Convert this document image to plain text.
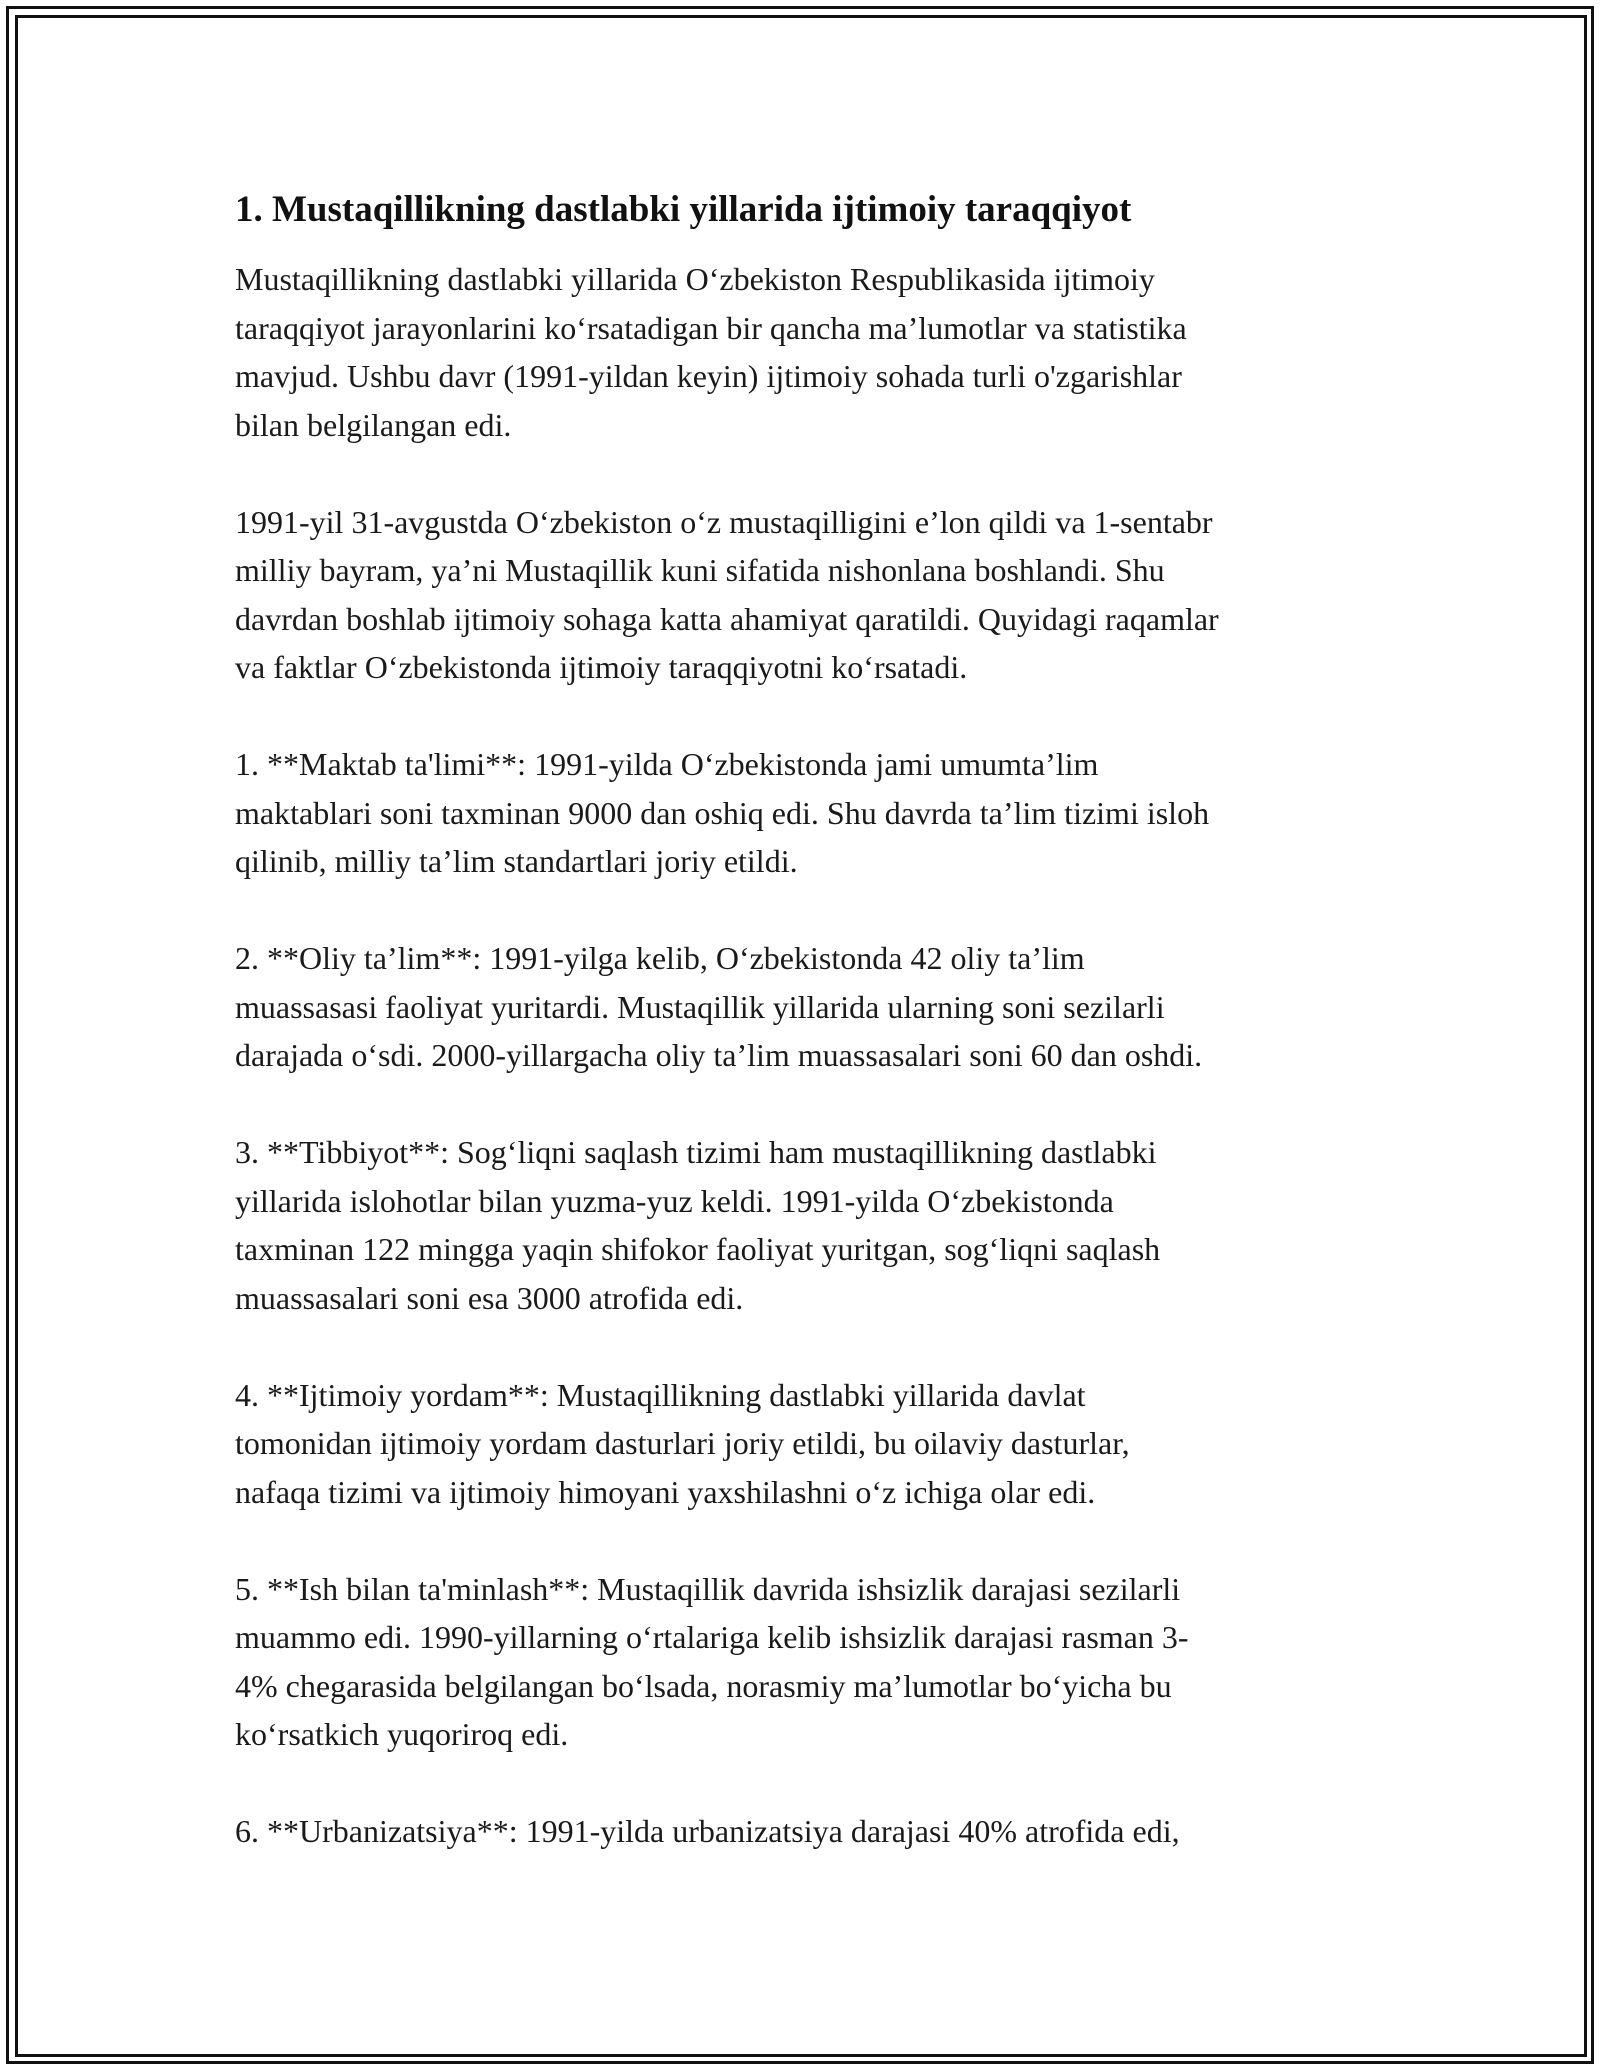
1. Mustaqillikning dastlabki yillarida ijtimoiy taraqqiyot

Mustaqillikning dastlabki yillarida O‘zbekiston Respublikasida ijtimoiy
taraqqiyot jarayonlarini ko‘rsatadigan bir qancha ma’lumotlar va statistika
mavjud. Ushbu davr (1991-yildan keyin) ijtimoiy sohada turli o'zgarishlar
bilan belgilangan edi.

1991-yil 31-avgustda O‘zbekiston o‘z mustaqilligini e’lon qildi va 1-sentabr
milliy bayram, ya’ni Mustaqillik kuni sifatida nishonlana boshlandi. Shu
davrdan boshlab ijtimoiy sohaga katta ahamiyat qaratildi. Quyidagi raqamlar
va faktlar O‘zbekistonda ijtimoiy taraqqiyotni ko‘rsatadi.

1. **Maktab ta'limi**: 1991-yilda O‘zbekistonda jami umumta’lim
maktablari soni taxminan 9000 dan oshiq edi. Shu davrda ta’lim tizimi isloh
qilinib, milliy ta’lim standartlari joriy etildi.

2. **Oliy ta’lim**: 1991-yilga kelib, O‘zbekistonda 42 oliy ta’lim
muassasasi faoliyat yuritardi. Mustaqillik yillarida ularning soni sezilarli
darajada o‘sdi. 2000-yillargacha oliy ta’lim muassasalari soni 60 dan oshdi.

3. **Tibbiyot**: Sog‘liqni saqlash tizimi ham mustaqillikning dastlabki
yillarida islohotlar bilan yuzma-yuz keldi. 1991-yilda O‘zbekistonda
taxminan 122 mingga yaqin shifokor faoliyat yuritgan, sog‘liqni saqlash
muassasalari soni esa 3000 atrofida edi.

4. **Ijtimoiy yordam**: Mustaqillikning dastlabki yillarida davlat
tomonidan ijtimoiy yordam dasturlari joriy etildi, bu oilaviy dasturlar,
nafaqa tizimi va ijtimoiy himoyani yaxshilashni o‘z ichiga olar edi.

5. **Ish bilan ta'minlash**: Mustaqillik davrida ishsizlik darajasi sezilarli
muammo edi. 1990-yillarning o‘rtalariga kelib ishsizlik darajasi rasman 3-
4% chegarasida belgilangan bo‘lsada, norasmiy ma’lumotlar bo‘yicha bu
ko‘rsatkich yuqoriroq edi.

6. **Urbanizatsiya**: 1991-yilda urbanizatsiya darajasi 40% atrofida edi,
